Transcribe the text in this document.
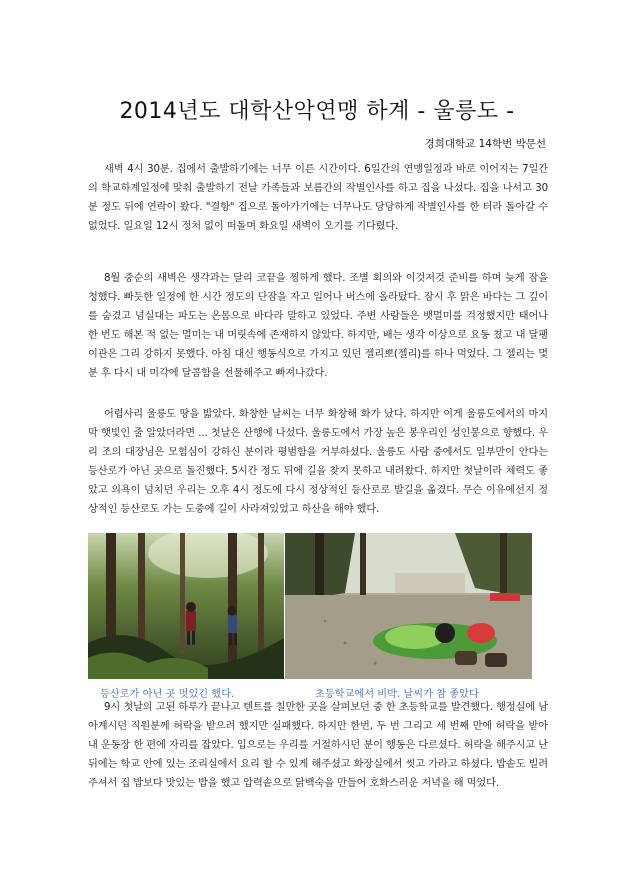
2014년도 대학산악연맹 하계 - 울릉도 -
경희대학교 14학번 박문선

새벽 4시 30분. 집에서 출발하기에는 너무 이른 시간이다. 6일간의 연맹일정과 바로 이어지는 7일간의 학교하계일정에 맞춰 출발하기 전날 가족들과 보름간의 작별인사를 하고 집을 나섰다. 집을 나서고 30분 정도 뒤에 연락이 왔다. "결항" 집으로 돌아가기에는 너무나도 당당하게 작별인사를 한 터라 돌아갈 수 없었다. 일요일 12시 정처 없이 떠돌며 화요일 새벽이 오기를 기다렸다.

8월 중순의 새벽은 생각과는 달리 코끝을 찡하게 했다. 조별 회의와 이것저것 준비를 하며 늦게 잠을 청했다. 빠듯한 일정에 한 시간 정도의 단잠을 자고 일어나 버스에 올라탔다. 잠시 후 맑은 바다는 그 깊이를 숨겼고 넘실대는 파도는 온몸으로 바다라 말하고 있었다. 주변 사람들은 뱃멀미를 걱정했지만 태어나 한 번도 해본 적 없는 멀미는 내 머릿속에 존재하지 않았다. 하지만, 배는 생각 이상으로 요동 쳤고 내 달팽이관은 그리 강하지 못했다. 아침 대신 행동식으로 가지고 있던 젤리뽀(젤리)를 하나 먹었다. 그 젤리는 몇 분 후 다시 내 미각에 달콤함을 선물해주고 빠져나갔다.

어렵사리 울릉도 땅을 밟았다. 화창한 날씨는 너무 화창해 화가 났다. 하지만 이게 울릉도에서의 마지막 햇빛인 줄 알았더라면 ... 첫날은 산행에 나섰다. 울릉도에서 가장 높은 봉우리인 성인봉으로 향했다. 우리 조의 대장님은 모험심이 강하신 분이라 평범함을 거부하셨다. 울릉도 사람 중에서도 일부만이 안다는 등산로가 아닌 곳으로 돌진했다. 5시간 정도 뒤에 길을 찾지 못하고 내려왔다. 하지만 첫날이라 체력도 좋았고 의욕이 넘치던 우리는 오후 4시 정도에 다시 정상적인 등산로로 발길을 옮겼다. 무슨 이유에선지 정상적인 등산로도 가는 도중에 길이 사라져있었고 하산을 해야 했다.

등산로가 아닌 곳 멋있긴 했다.	초등학교에서 비박. 날씨가 참 좋았다

9시 첫날의 고된 하루가 끝나고 텐트를 칠만한 곳을 살펴보던 중 한 초등학교를 발견했다. 행정실에 남아계시던 직원분께 허락을 받으려 했지만 실패했다. 하지만 한번, 두 번 그리고 세 번째 만에 허락을 받아내 운동장 한 편에 자리를 잡았다. 입으로는 우리를 거절하시던 분이 행동은 다르셨다. 허락을 해주시고 난 뒤에는 학교 안에 있는 조리실에서 요리 할 수 있게 해주셨고 화장실에서 씻고 가라고 하셨다. 밥솥도 빌려주셔서 집 밥보다 맛있는 밥을 했고 압력솥으로 닭백숙을 만들어 호화스러운 저녁을 해 먹었다.
